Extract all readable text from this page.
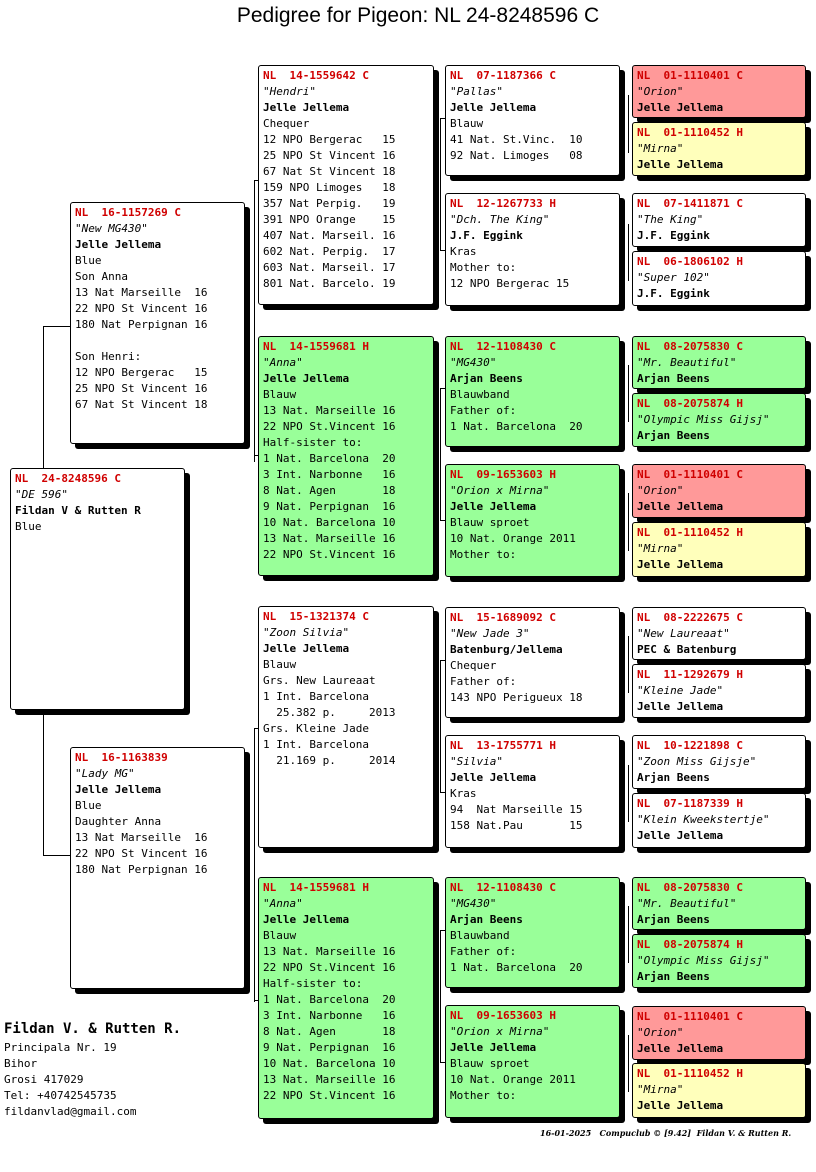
Pedigree for Pigeon: NL 24-8248596 C
NL  24-8248596 C
"DE 596"
Fildan V & Rutten R
Blue
NL  16-1157269 C
"New MG430"
Jelle Jellema
Blue
Son Anna
13 Nat Marseille  16
22 NPO St Vincent 16
180 Nat Perpignan 16

Son Henri:
12 NPO Bergerac   15
25 NPO St Vincent 16
67 Nat St Vincent 18
NL  16-1163839
"Lady MG"
Jelle Jellema
Blue
Daughter Anna
13 Nat Marseille  16
22 NPO St Vincent 16
180 Nat Perpignan 16
NL  14-1559642 C
"Hendri"
Jelle Jellema
Chequer
12 NPO Bergerac   15
25 NPO St Vincent 16
67 Nat St Vincent 18
159 NPO Limoges   18
357 Nat Perpig.   19
391 NPO Orange    15
407 Nat. Marseil. 16
602 Nat. Perpig.  17
603 Nat. Marseil. 17
801 Nat. Barcelo. 19
NL  14-1559681 H
"Anna"
Jelle Jellema
Blauw
13 Nat. Marseille 16
22 NPO St.Vincent 16
Half-sister to:
1 Nat. Barcelona  20
3 Int. Narbonne   16
8 Nat. Agen       18
9 Nat. Perpignan  16
10 Nat. Barcelona 10
13 Nat. Marseille 16
22 NPO St.Vincent 16
NL  15-1321374 C
"Zoon Silvia"
Jelle Jellema
Blauw
Grs. New Laureaat
1 Int. Barcelona
25.382 p.     2013
Grs. Kleine Jade
1 Int. Barcelona
21.169 p.     2014
NL  14-1559681 H
"Anna"
Jelle Jellema
Blauw
13 Nat. Marseille 16
22 NPO St.Vincent 16
Half-sister to:
1 Nat. Barcelona  20
3 Int. Narbonne   16
8 Nat. Agen       18
9 Nat. Perpignan  16
10 Nat. Barcelona 10
13 Nat. Marseille 16
22 NPO St.Vincent 16
NL  07-1187366 C
"Pallas"
Jelle Jellema
Blauw
41 Nat. St.Vinc.  10
92 Nat. Limoges   08
NL  12-1267733 H
"Dch. The King"
J.F. Eggink
Kras
Mother to:
12 NPO Bergerac 15
NL  12-1108430 C
"MG430"
Arjan Beens
Blauwband
Father of:
1 Nat. Barcelona  20
NL  09-1653603 H
"Orion x Mirna"
Jelle Jellema
Blauw sproet
10 Nat. Orange 2011
Mother to:
NL  15-1689092 C
"New Jade 3"
Batenburg/Jellema
Chequer
Father of:
143 NPO Perigueux 18
NL  13-1755771 H
"Silvia"
Jelle Jellema
Kras
94  Nat Marseille 15
158 Nat.Pau       15
NL  12-1108430 C
"MG430"
Arjan Beens
Blauwband
Father of:
1 Nat. Barcelona  20
NL  09-1653603 H
"Orion x Mirna"
Jelle Jellema
Blauw sproet
10 Nat. Orange 2011
Mother to:
NL  01-1110401 C
"Orion"
Jelle Jellema
NL  01-1110452 H
"Mirna"
Jelle Jellema
NL  07-1411871 C
"The King"
J.F. Eggink
NL  06-1806102 H
"Super 102"
J.F. Eggink
NL  08-2075830 C
"Mr. Beautiful"
Arjan Beens
NL  08-2075874 H
"Olympic Miss Gijsj"
Arjan Beens
NL  01-1110401 C
"Orion"
Jelle Jellema
NL  01-1110452 H
"Mirna"
Jelle Jellema
NL  08-2222675 C
"New Laureaat"
PEC & Batenburg
NL  11-1292679 H
"Kleine Jade"
Jelle Jellema
NL  10-1221898 C
"Zoon Miss Gijsje"
Arjan Beens
NL  07-1187339 H
"Klein Kweekstertje"
Jelle Jellema
NL  08-2075830 C
"Mr. Beautiful"
Arjan Beens
NL  08-2075874 H
"Olympic Miss Gijsj"
Arjan Beens
NL  01-1110401 C
"Orion"
Jelle Jellema
NL  01-1110452 H
"Mirna"
Jelle Jellema
Fildan V. & Rutten R.
Principala Nr. 19
Bihor
Grosi 417029
Tel: +40742545735
fildanvlad@gmail.com
16-01-2025   Compuclub © [9.42]  Fildan V. & Rutten R.
